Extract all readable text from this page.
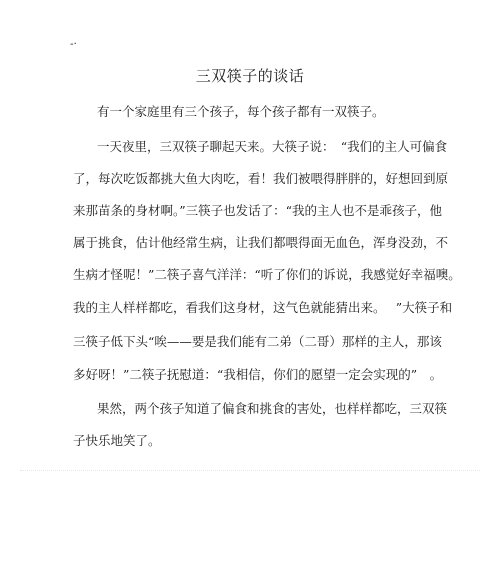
-·
三双筷子的谈话
有一个家庭里有三个孩子，每个孩子都有一双筷子。
一天夜里，三双筷子聊起天来。大筷子说：　“我们的主人可偏食
了，每次吃饭都挑大鱼大肉吃，看！我们被喂得胖胖的，好想回到原
来那苗条的身材啊。”三筷子也发话了：“我的主人也不是乖孩子，他
属于挑食，估计他经常生病，让我们都喂得面无血色，浑身没劲，不
生病才怪呢！”二筷子喜气洋洋：“听了你们的诉说，我感觉好幸福噢。
我的主人样样都吃，看我们这身材，这气色就能猜出来。　 ”大筷子和
三筷子低下头“唉——要是我们能有二弟（二哥）那样的主人，那该
多好呀！”二筷子抚慰道：“我相信，你们的愿望一定会实现的”　。
果然，两个孩子知道了偏食和挑食的害处，也样样都吃，三双筷
子快乐地笑了。
